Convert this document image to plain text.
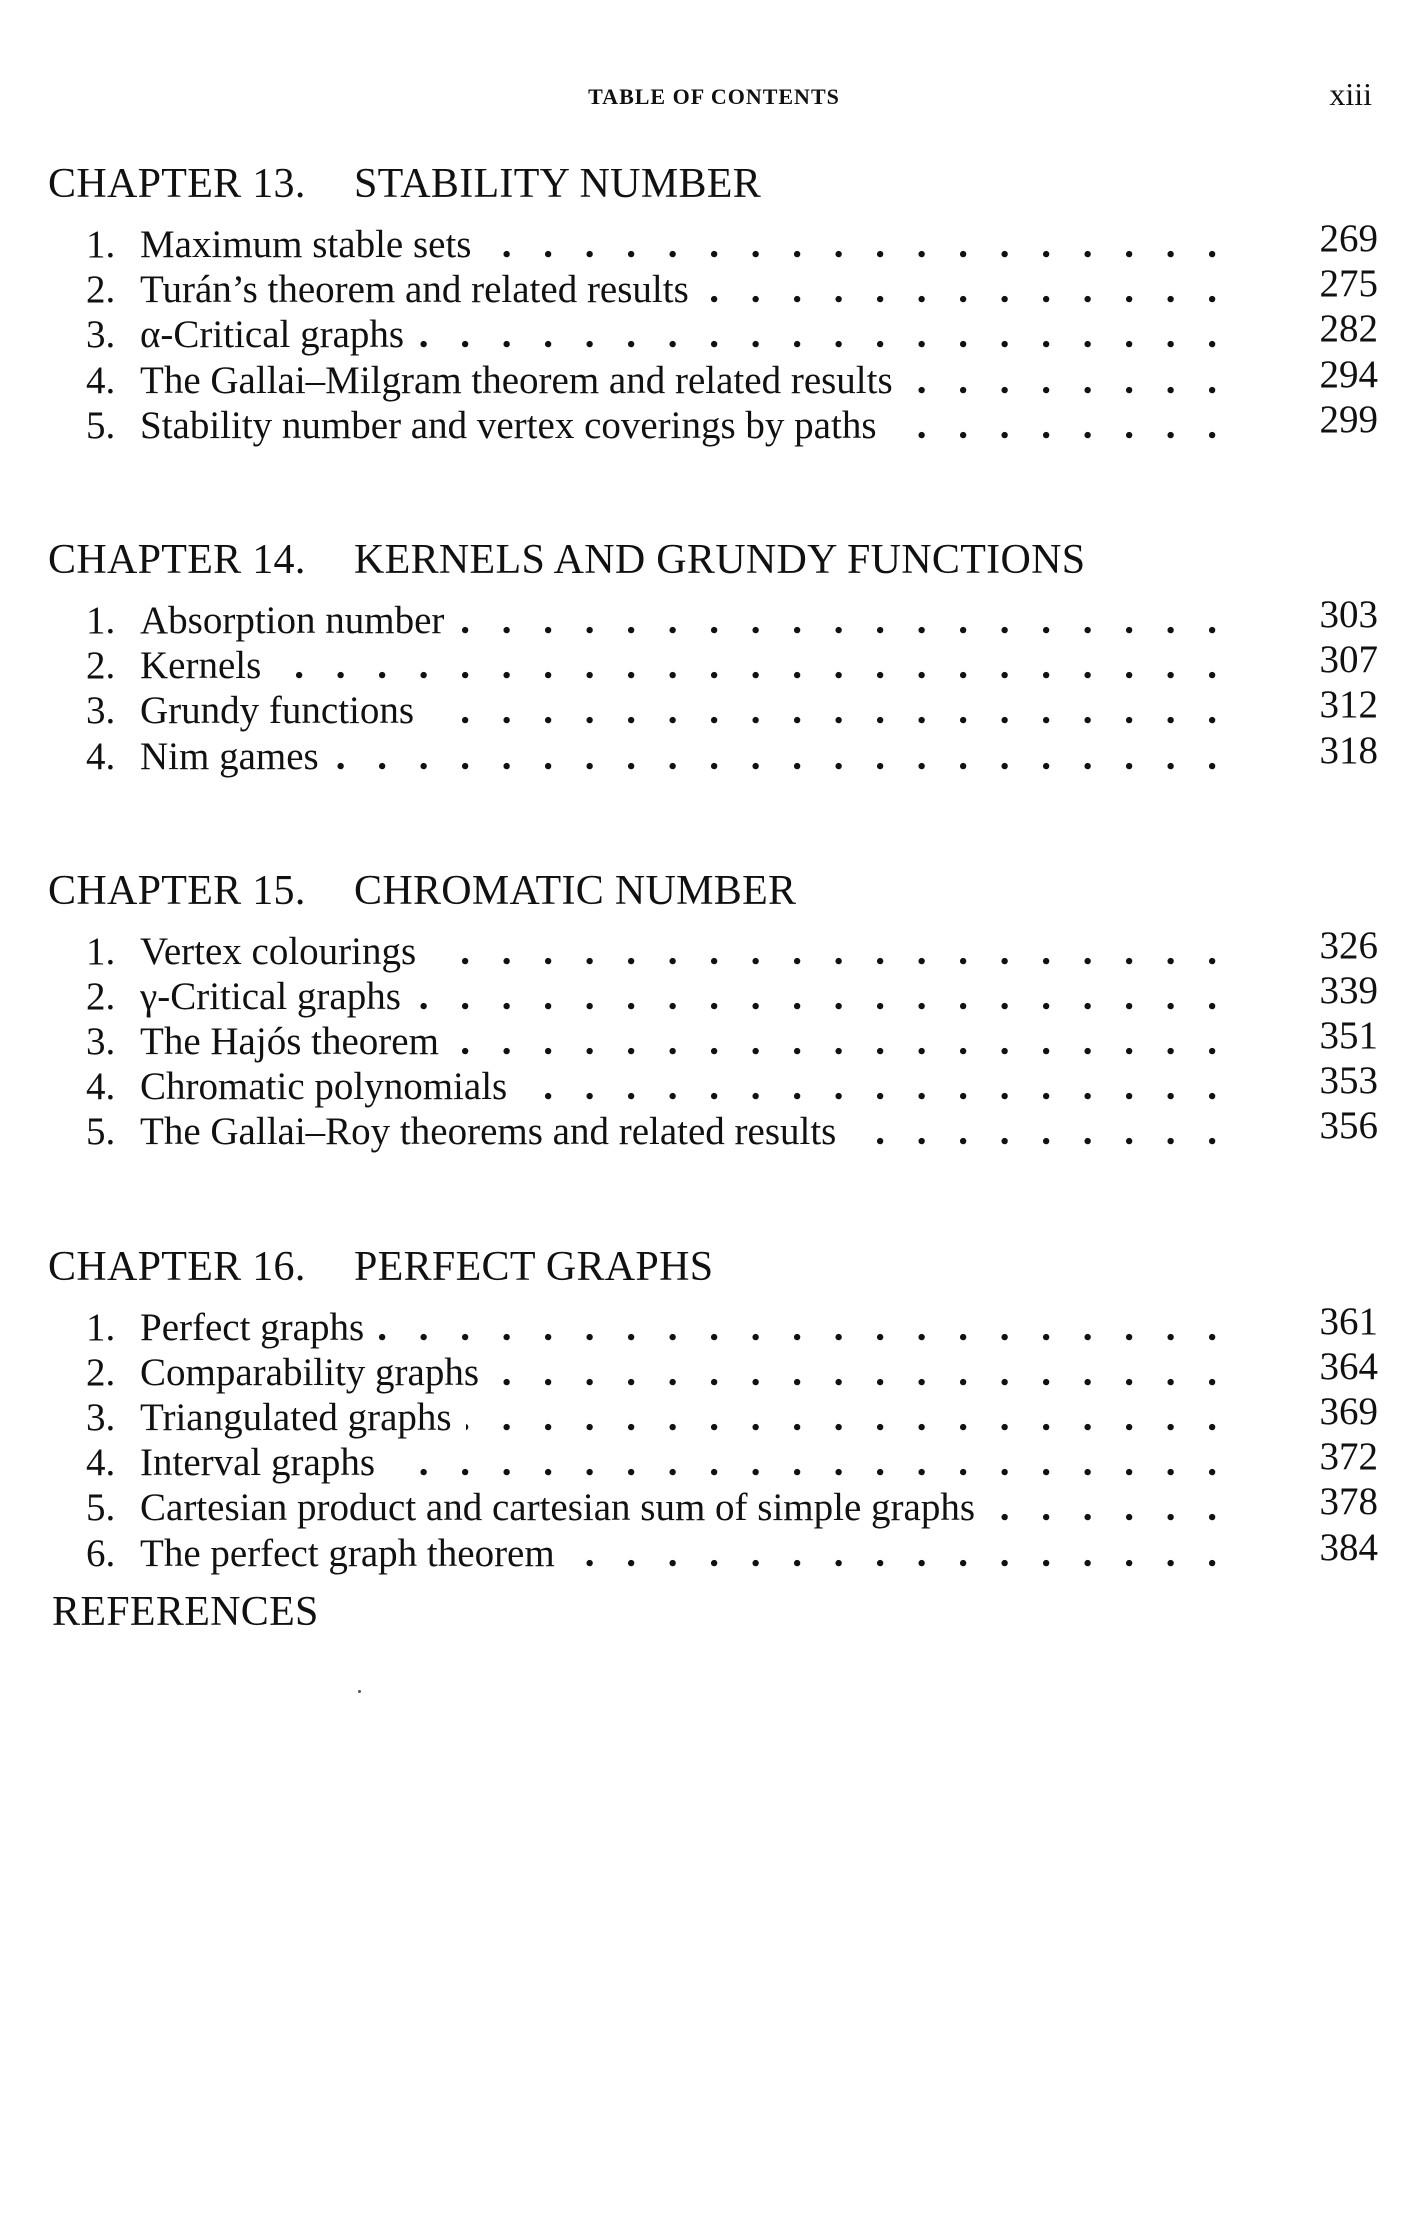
TABLE OF CONTENTS	xiii
CHAPTER 13. STABILITY NUMBER
1. Maximum stable sets . . .	269
2. Turán’s theorem and related results . . .	275
3. α-Critical graphs . . .	282
4. The Gallai–Milgram theorem and related results . . .	294
5. Stability number and vertex coverings by paths . . .	299
CHAPTER 14. KERNELS AND GRUNDY FUNCTIONS
1. Absorption number . . .	303
2. Kernels . . .	307
3. Grundy functions . . .	312
4. Nim games . . .	318
CHAPTER 15. CHROMATIC NUMBER
1. Vertex colourings . . .	326
2. γ-Critical graphs . . .	339
3. The Hajós theorem . . .	351
4. Chromatic polynomials . . .	353
5. The Gallai–Roy theorems and related results . . .	356
CHAPTER 16. PERFECT GRAPHS
1. Perfect graphs . . .	361
2. Comparability graphs . . .	364
3. Triangulated graphs . . .	369
4. Interval graphs . . .	372
5. Cartesian product and cartesian sum of simple graphs . . .	378
6. The perfect graph theorem . . .	384
REFERENCES
